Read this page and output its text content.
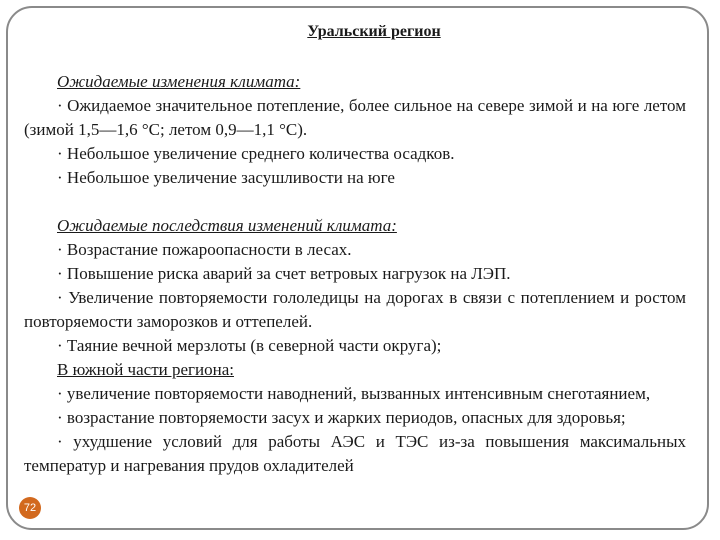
Уральский регион

Ожидаемые изменения климата:

· Ожидаемое значительное потепление, более сильное на севере зимой и на юге летом (зимой 1,5—1,6 °С; летом 0,9—1,1 °С).

· Небольшое увеличение среднего количества осадков.

· Небольшое увеличение засушливости на юге

Ожидаемые последствия изменений климата:

· Возрастание пожароопасности в лесах.

· Повышение риска аварий за счет ветровых нагрузок на ЛЭП.

· Увеличение повторяемости гололедицы на дорогах в связи с потеплением и ростом повторяемости заморозков и оттепелей.

· Таяние вечной мерзлоты (в северной части округа);

В южной части региона:

· увеличение повторяемости наводнений, вызванных интенсивным снеготаянием,

· возрастание повторяемости засух и жарких периодов, опасных для здоровья;

· ухудшение условий для работы АЭС и ТЭС из-за повышения максимальных температур и нагревания прудов охладителей

72
